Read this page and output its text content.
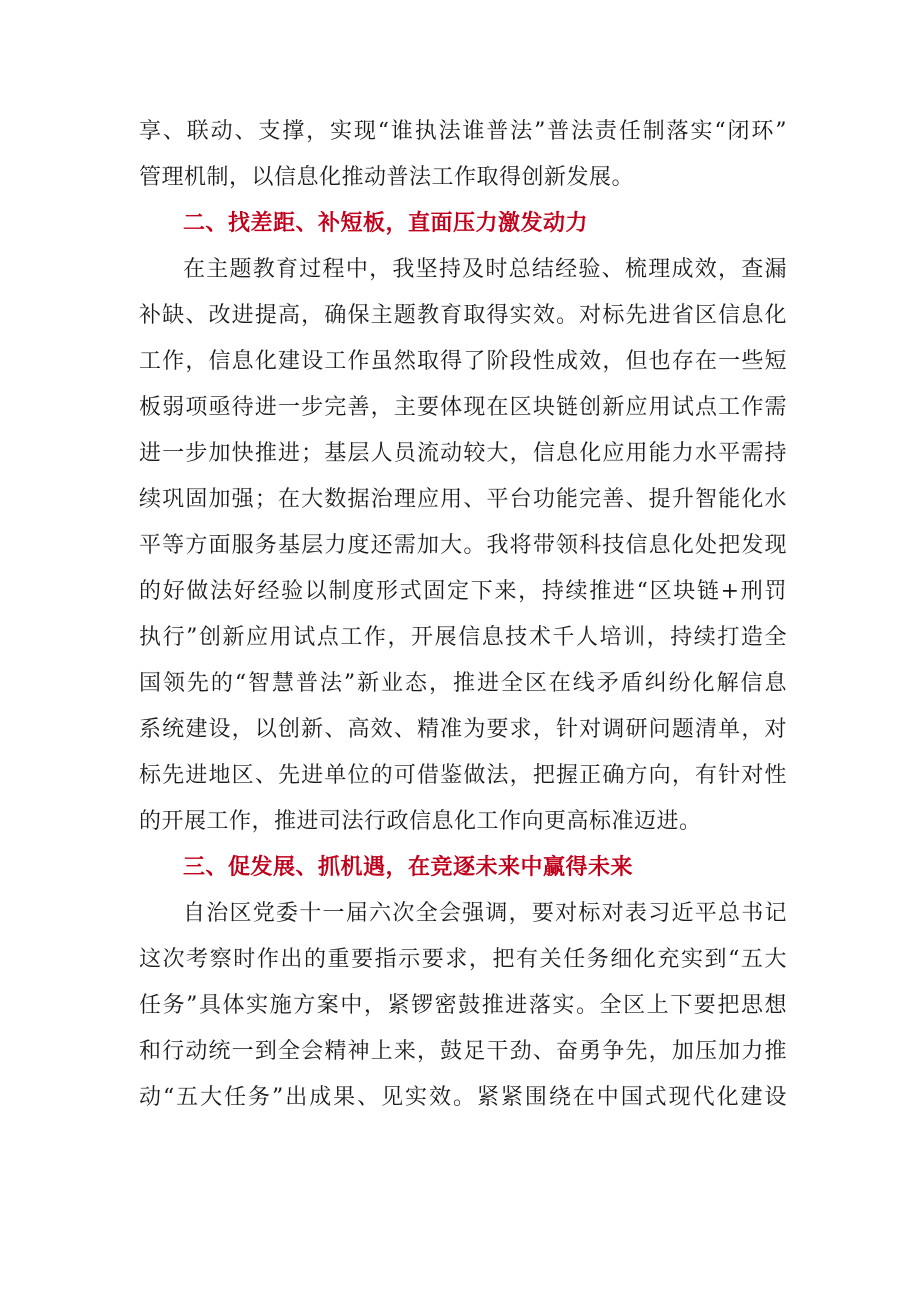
享、联动、支撑，实现“谁执法谁普法”普法责任制落实“闭环”
管理机制，以信息化推动普法工作取得创新发展。
二、找差距、补短板，直面压力激发动力
在主题教育过程中，我坚持及时总结经验、梳理成效，查漏
补缺、改进提高，确保主题教育取得实效。对标先进省区信息化
工作，信息化建设工作虽然取得了阶段性成效，但也存在一些短
板弱项亟待进一步完善，主要体现在区块链创新应用试点工作需
进一步加快推进；基层人员流动较大，信息化应用能力水平需持
续巩固加强；在大数据治理应用、平台功能完善、提升智能化水
平等方面服务基层力度还需加大。我将带领科技信息化处把发现
的好做法好经验以制度形式固定下来，持续推进“区块链+刑罚
执行”创新应用试点工作，开展信息技术千人培训，持续打造全
国领先的“智慧普法”新业态，推进全区在线矛盾纠纷化解信息
系统建设，以创新、高效、精准为要求，针对调研问题清单，对
标先进地区、先进单位的可借鉴做法，把握正确方向，有针对性
的开展工作，推进司法行政信息化工作向更高标准迈进。
三、促发展、抓机遇，在竞逐未来中赢得未来
自治区党委十一届六次全会强调，要对标对表习近平总书记
这次考察时作出的重要指示要求，把有关任务细化充实到“五大
任务”具体实施方案中，紧锣密鼓推进落实。全区上下要把思想
和行动统一到全会精神上来，鼓足干劲、奋勇争先，加压加力推
动“五大任务”出成果、见实效。紧紧围绕在中国式现代化建设
